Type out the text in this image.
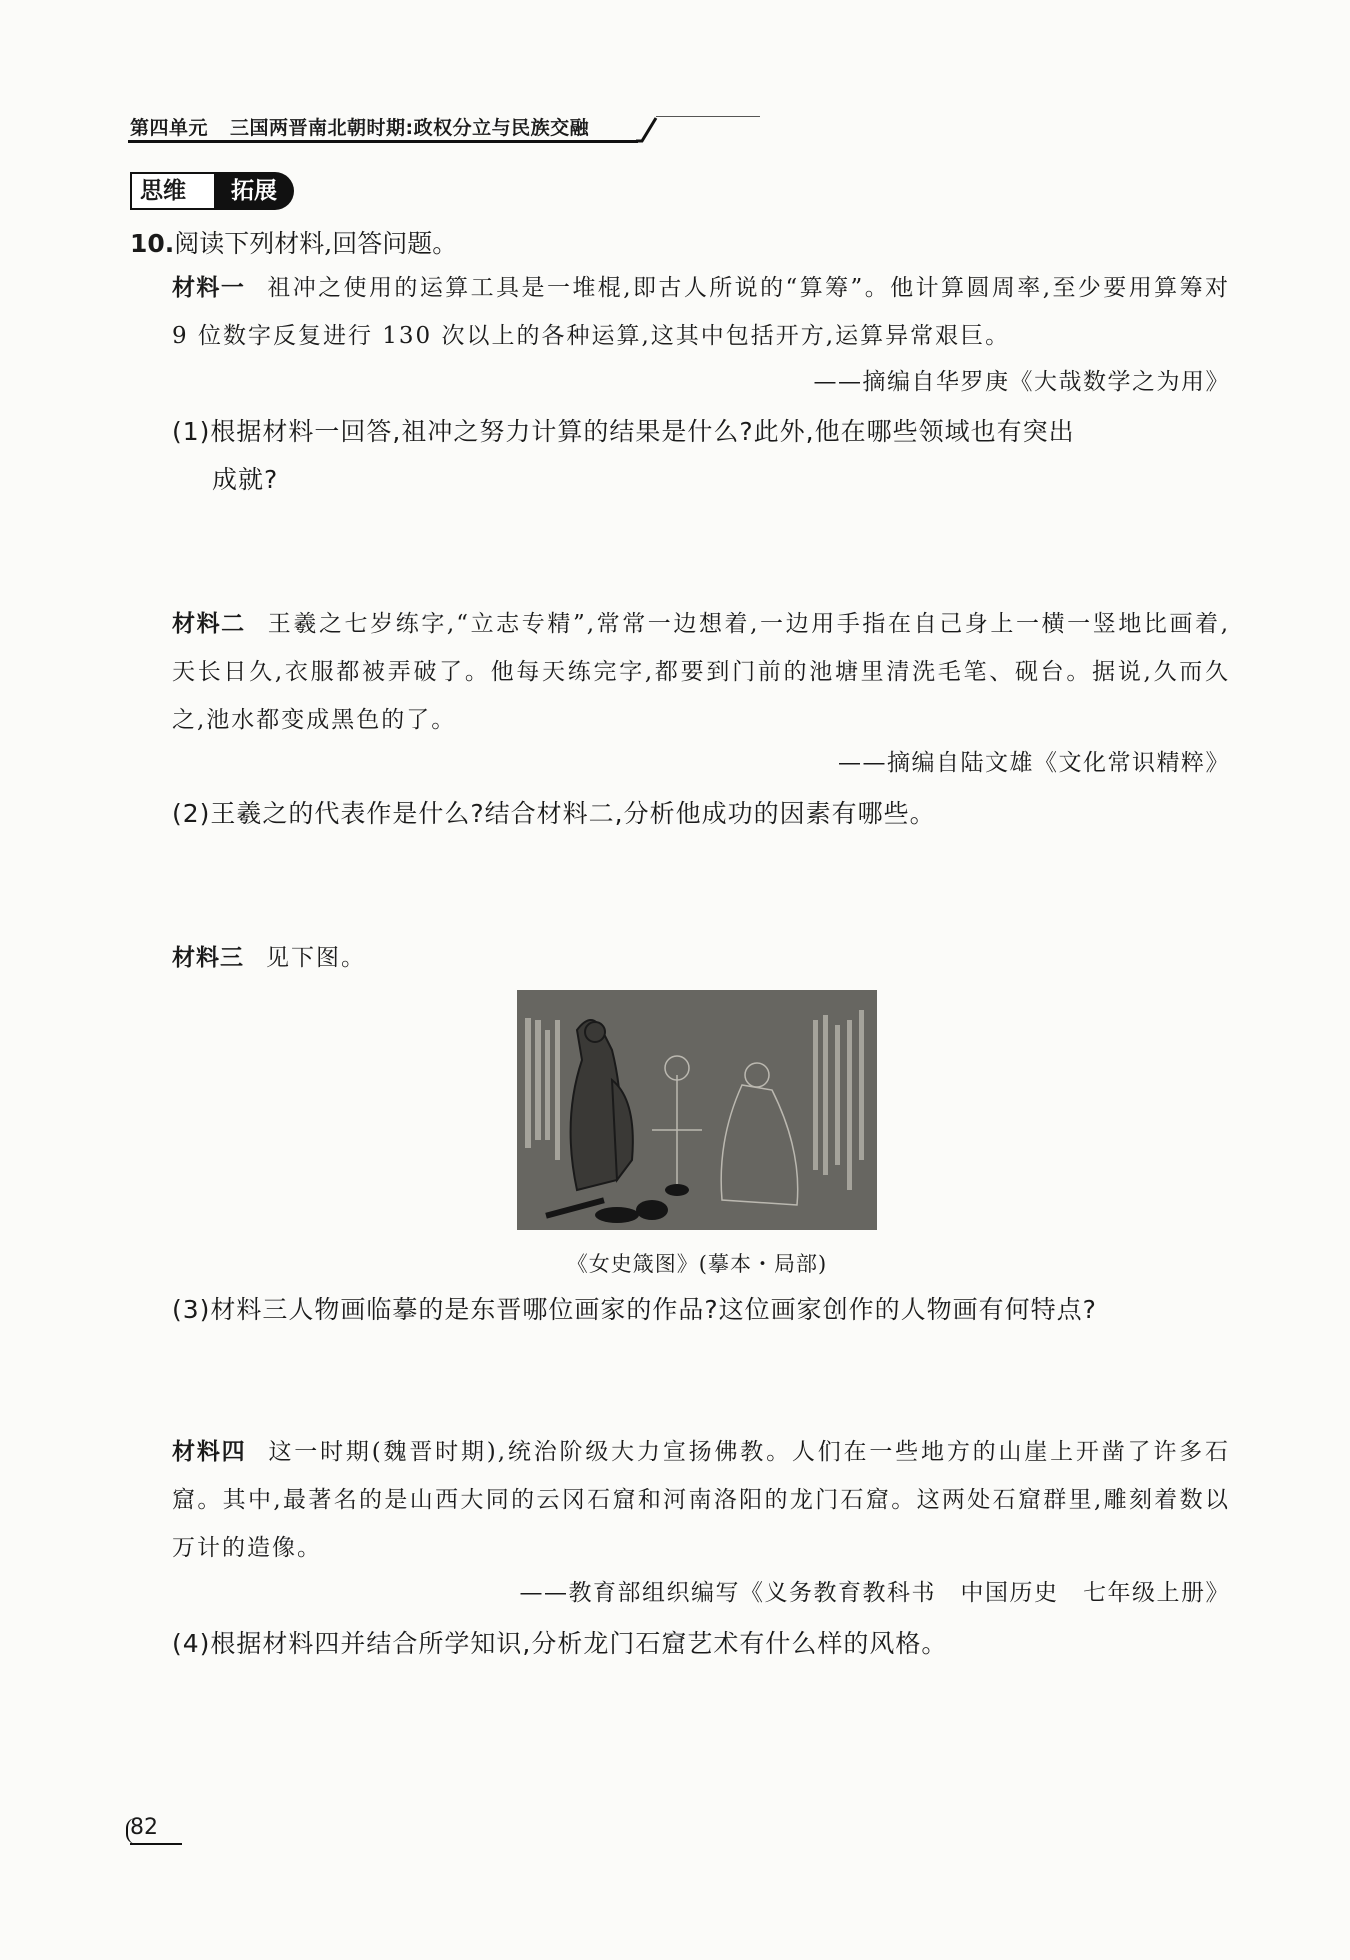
第四单元 三国两晋南北朝时期:政权分立与民族交融
思维	拓展
10.阅读下列材料,回答问题。
材料一 祖冲之使用的运算工具是一堆棍,即古人所说的“算筹”。他计算圆周率,至少要用算筹对 9 位数字反复进行 130 次以上的各种运算,这其中包括开方,运算异常艰巨。
——摘编自华罗庚《大哉数学之为用》
(1)根据材料一回答,祖冲之努力计算的结果是什么?此外,他在哪些领域也有突出
成就?
材料二 王羲之七岁练字,“立志专精”,常常一边想着,一边用手指在自己身上一横一竖地比画着,天长日久,衣服都被弄破了。他每天练完字,都要到门前的池塘里清洗毛笔、砚台。据说,久而久之,池水都变成黑色的了。
——摘编自陆文雄《文化常识精粹》
(2)王羲之的代表作是什么?结合材料二,分析他成功的因素有哪些。
材料三 见下图。
《女史箴图》(摹本・局部)
(3)材料三人物画临摹的是东晋哪位画家的作品?这位画家创作的人物画有何特点?
材料四 这一时期(魏晋时期),统治阶级大力宣扬佛教。人们在一些地方的山崖上开凿了许多石窟。其中,最著名的是山西大同的云冈石窟和河南洛阳的龙门石窟。这两处石窟群里,雕刻着数以万计的造像。
——教育部组织编写《义务教育教科书　中国历史　七年级上册》
(4)根据材料四并结合所学知识,分析龙门石窟艺术有什么样的风格。
82
